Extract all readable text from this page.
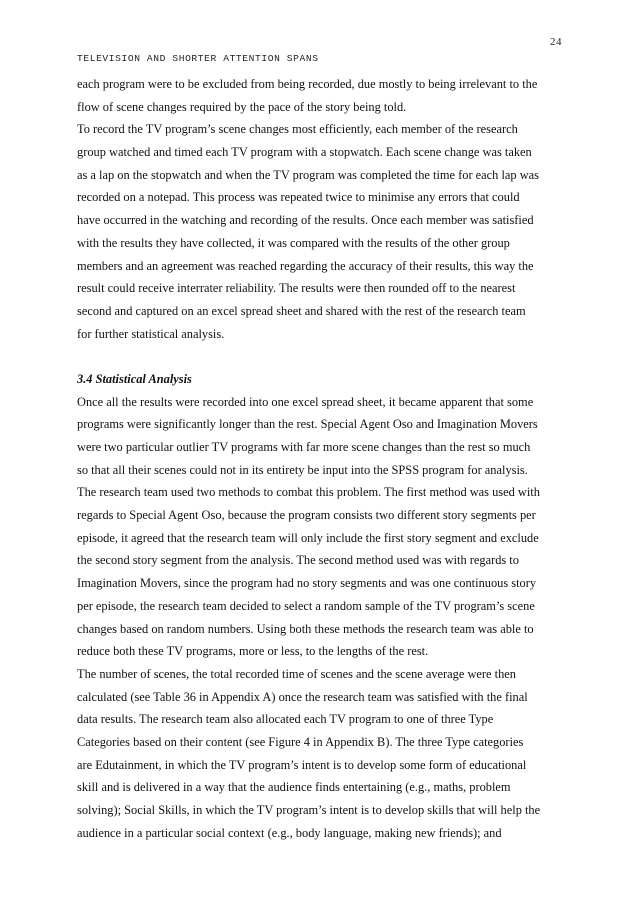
24
TELEVISION AND SHORTER ATTENTION SPANS
each program were to be excluded from being recorded, due mostly to being irrelevant to the
flow of scene changes required by the pace of the story being told.
To record the TV program’s scene changes most efficiently, each member of the research
group watched and timed each TV program with a stopwatch. Each scene change was taken
as a lap on the stopwatch and when the TV program was completed the time for each lap was
recorded on a notepad. This process was repeated twice to minimise any errors that could
have occurred in the watching and recording of the results. Once each member was satisfied
with the results they have collected, it was compared with the results of the other group
members and an agreement was reached regarding the accuracy of their results, this way the
result could receive interrater reliability. The results were then rounded off to the nearest
second and captured on an excel spread sheet and shared with the rest of the research team
for further statistical analysis.
3.4 Statistical Analysis
Once all the results were recorded into one excel spread sheet, it became apparent that some
programs were significantly longer than the rest. Special Agent Oso and Imagination Movers
were two particular outlier TV programs with far more scene changes than the rest so much
so that all their scenes could not in its entirety be input into the SPSS program for analysis.
The research team used two methods to combat this problem. The first method was used with
regards to Special Agent Oso, because the program consists two different story segments per
episode, it agreed that the research team will only include the first story segment and exclude
the second story segment from the analysis. The second method used was with regards to
Imagination Movers, since the program had no story segments and was one continuous story
per episode, the research team decided to select a random sample of the TV program’s scene
changes based on random numbers. Using both these methods the research team was able to
reduce both these TV programs, more or less, to the lengths of the rest.
The number of scenes, the total recorded time of scenes and the scene average were then
calculated (see Table 36 in Appendix A) once the research team was satisfied with the final
data results. The research team also allocated each TV program to one of three Type
Categories based on their content (see Figure 4 in Appendix B). The three Type categories
are Edutainment, in which the TV program’s intent is to develop some form of educational
skill and is delivered in a way that the audience finds entertaining (e.g., maths, problem
solving); Social Skills, in which the TV program’s intent is to develop skills that will help the
audience in a particular social context (e.g., body language, making new friends); and
